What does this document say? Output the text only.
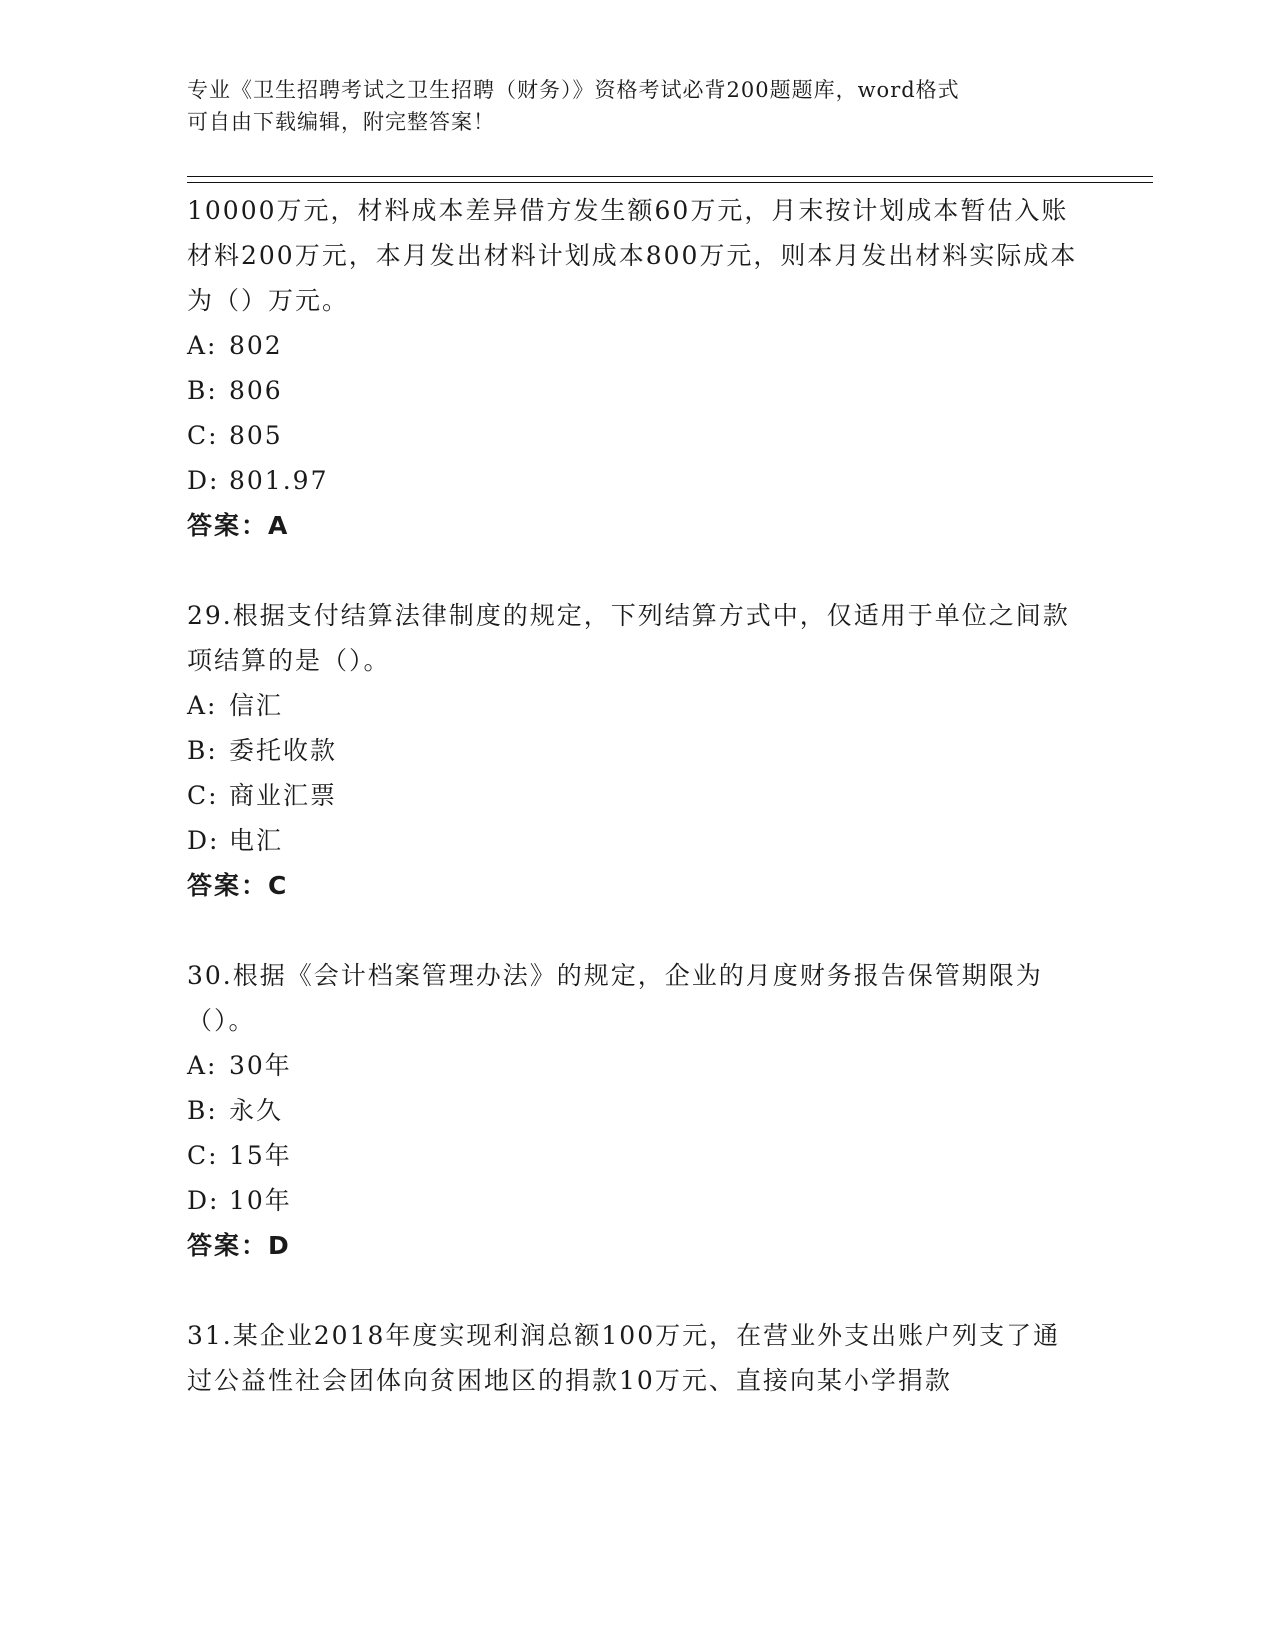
专业《卫生招聘考试之卫生招聘（财务）》资格考试必背200题题库，word格式
可自由下载编辑，附完整答案！

10000万元，材料成本差异借方发生额60万元，月末按计划成本暂估入账材料200万元，本月发出材料计划成本800万元，则本月发出材料实际成本为（）万元。

A: 802

B: 806

C: 805

D: 801.97

答案：A

29.根据支付结算法律制度的规定，下列结算方式中，仅适用于单位之间款项结算的是（）。

A: 信汇

B: 委托收款

C: 商业汇票

D: 电汇

答案：C

30.根据《会计档案管理办法》的规定，企业的月度财务报告保管期限为（）。

A: 30年

B: 永久

C: 15年

D: 10年

答案：D

31.某企业2018年度实现利润总额100万元，在营业外支出账户列支了通过公益性社会团体向贫困地区的捐款10万元、直接向某小学捐款
